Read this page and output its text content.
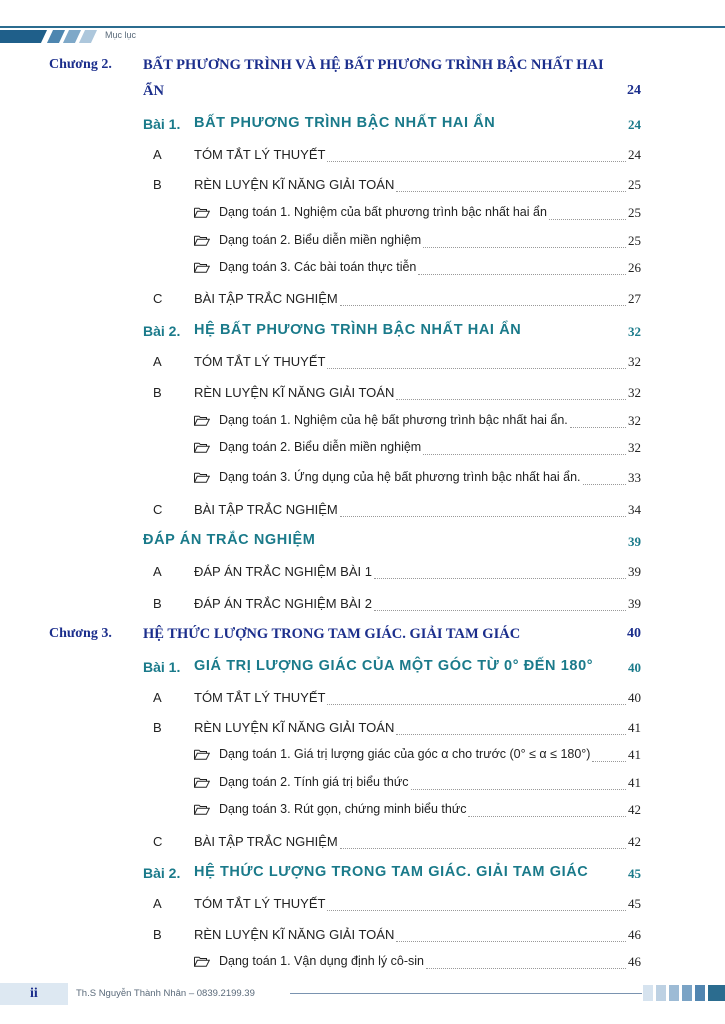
Mục lục
Chương 2. BẤT PHƯƠNG TRÌNH VÀ HỆ BẤT PHƯƠNG TRÌNH BẬC NHẤT HAI
ẨN	24
Bài 1. BẤT PHƯƠNG TRÌNH BẬC NHẤT HAI ẨN	24
A TÓM TẮT LÝ THUYẾT	24
B RÈN LUYỆN KĨ NĂNG GIẢI TOÁN	25
Dạng toán 1. Nghiệm của bất phương trình bậc nhất hai ẩn	25
Dạng toán 2. Biểu diễn miền nghiệm	25
Dạng toán 3. Các bài toán thực tiễn	26
C BÀI TẬP TRẮC NGHIỆM	27
Bài 2. HỆ BẤT PHƯƠNG TRÌNH BẬC NHẤT HAI ẨN	32
A TÓM TẮT LÝ THUYẾT	32
B RÈN LUYỆN KĨ NĂNG GIẢI TOÁN	32
Dạng toán 1. Nghiệm của hệ bất phương trình bậc nhất hai ẩn.	32
Dạng toán 2. Biểu diễn miền nghiệm	32
Dạng toán 3. Ứng dụng của hệ bất phương trình bậc nhất hai ẩn.	33
C BÀI TẬP TRẮC NGHIỆM	34
ĐÁP ÁN TRẮC NGHIỆM	39
A ĐÁP ÁN TRẮC NGHIỆM BÀI 1	39
B ĐÁP ÁN TRẮC NGHIỆM BÀI 2	39
Chương 3. HỆ THỨC LƯỢNG TRONG TAM GIÁC. GIẢI TAM GIÁC	40
Bài 1. GIÁ TRỊ LƯỢNG GIÁC CỦA MỘT GÓC TỪ 0° ĐẾN 180°	40
A TÓM TẮT LÝ THUYẾT	40
B RÈN LUYỆN KĨ NĂNG GIẢI TOÁN	41
Dạng toán 1. Giá trị lượng giác của góc α cho trước (0° ≤ α ≤ 180°)	41
Dạng toán 2. Tính giá trị biểu thức	41
Dạng toán 3. Rút gọn, chứng minh biểu thức	42
C BÀI TẬP TRẮC NGHIỆM	42
Bài 2. HỆ THỨC LƯỢNG TRONG TAM GIÁC. GIẢI TAM GIÁC	45
A TÓM TẮT LÝ THUYẾT	45
B RÈN LUYỆN KĨ NĂNG GIẢI TOÁN	46
Dạng toán 1. Vận dụng định lý cô-sin	46
ii	Th.S Nguyễn Thành Nhân – 0839.2199.39
